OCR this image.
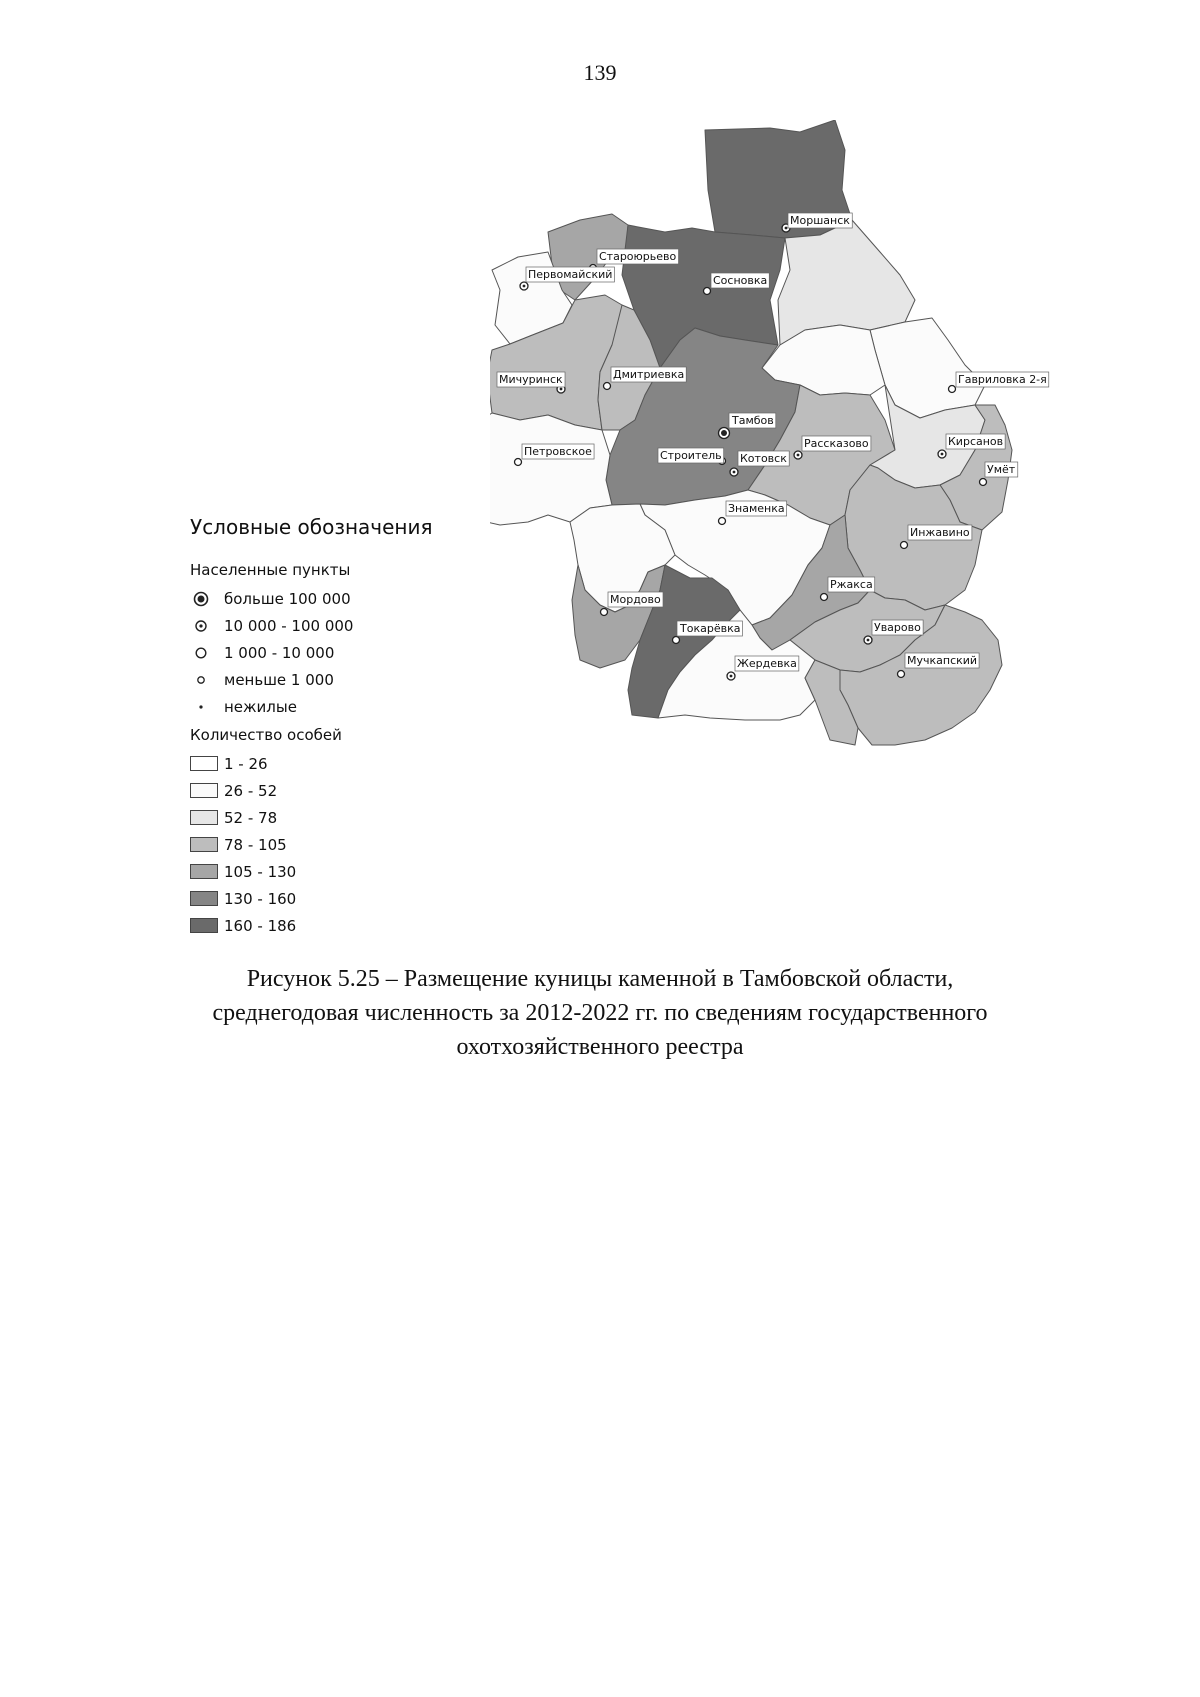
139
Моршанск
Староюрьево
Первомайский	Сосновка
Мичуринск	Дмитриевка	Гавриловка 2-я
Тамбов
Рассказово	Кирсанов
Петровское	Строитель Котовск
Умёт
Знаменка
Инжавино
Ржакса
Мордово
Токарёвка	Уварово
Жердевка	Мучкапский
Условные обозначения
Населенные пункты
больше 100 000
10 000 - 100 000
1 000 - 10 000
меньше 1 000
нежилые
Количество особей
1 - 26
26 - 52
52 - 78
78 - 105
105 - 130
130 - 160
160 - 186
Рисунок 5.25 – Размещение куницы каменной в Тамбовской области,
среднегодовая численность за 2012-2022 гг. по сведениям государственного
охотхозяйственного реестра
